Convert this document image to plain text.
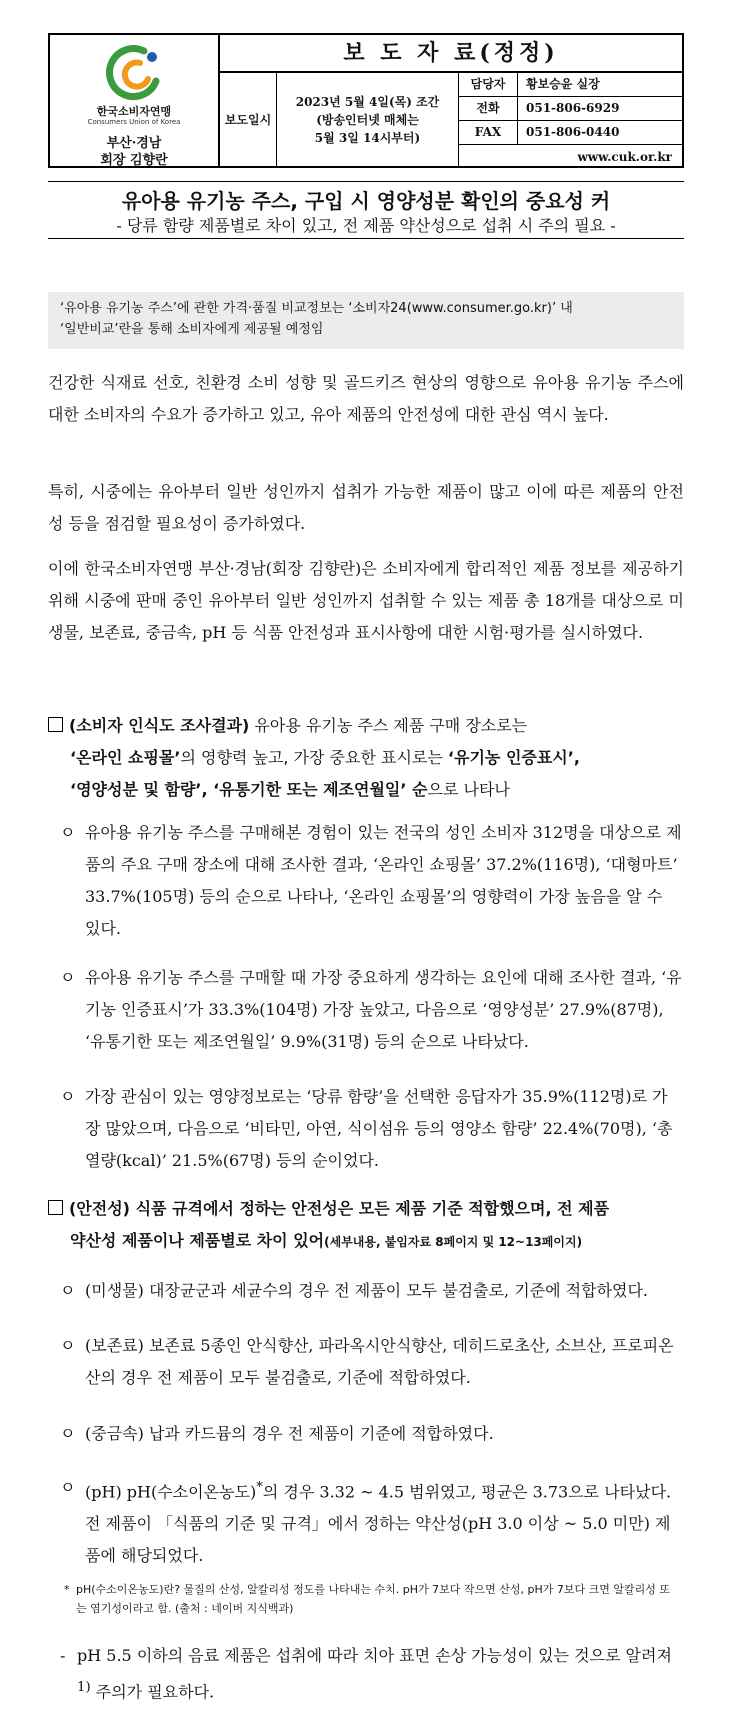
한국소비자연맹
Consumers Union of Korea
부산·경남
회장 김향란
보 도 자 료(정정)
보도일시
2023년 5월 4일(목) 조간
(방송인터넷 매체는
5월 3일 14시부터)
담당자	황보승윤 실장
전화	051-806-6929
FAX	051-806-0440
www.cuk.or.kr
유아용 유기농 주스, 구입 시 영양성분 확인의 중요성 커
- 당류 함량 제품별로 차이 있고, 전 제품 약산성으로 섭취 시 주의 필요 -
‘유아용 유기농 주스’에 관한 가격·품질 비교정보는 ‘소비자24(www.consumer.go.kr)’ 내
‘일반비교’란을 통해 소비자에게 제공될 예정임
건강한 식재료 선호, 친환경 소비 성향 및 골드키즈 현상의 영향으로 유아용 유기농 주스에 대한 소비자의 수요가 증가하고 있고, 유아 제품의 안전성에 대한 관심 역시 높다.
특히, 시중에는 유아부터 일반 성인까지 섭취가 가능한 제품이 많고 이에 따른 제품의 안전성 등을 점검할 필요성이 증가하였다.
이에 한국소비자연맹 부산·경남(회장 김향란)은 소비자에게 합리적인 제품 정보를 제공하기 위해 시중에 판매 중인 유아부터 일반 성인까지 섭취할 수 있는 제품 총 18개를 대상으로 미생물, 보존료, 중금속, pH 등 식품 안전성과 표시사항에 대한 시험·평가를 실시하였다.
(소비자 인식도 조사결과) 유아용 유기농 주스 제품 구매 장소로는
‘온라인 쇼핑몰’의 영향력 높고, 가장 중요한 표시로는 ‘유기농 인증표시’,
‘영양성분 및 함량’, ‘유통기한 또는 제조연월일’ 순으로 나타나
ㅇ 유아용 유기농 주스를 구매해본 경험이 있는 전국의 성인 소비자 312명을 대상으로 제품의 주요 구매 장소에 대해 조사한 결과, ‘온라인 쇼핑몰’ 37.2%(116명), ‘대형마트’ 33.7%(105명) 등의 순으로 나타나, ‘온라인 쇼핑몰’의 영향력이 가장 높음을 알 수 있다.
ㅇ 유아용 유기농 주스를 구매할 때 가장 중요하게 생각하는 요인에 대해 조사한 결과, ‘유기농 인증표시’가 33.3%(104명) 가장 높았고, 다음으로 ‘영양성분’ 27.9%(87명), ‘유통기한 또는 제조연월일’ 9.9%(31명) 등의 순으로 나타났다.
ㅇ 가장 관심이 있는 영양정보로는 ‘당류 함량’을 선택한 응답자가 35.9%(112명)로 가장 많았으며, 다음으로 ‘비타민, 아연, 식이섬유 등의 영양소 함량’ 22.4%(70명), ‘총 열량(kcal)’ 21.5%(67명) 등의 순이었다.
(안전성) 식품 규격에서 정하는 안전성은 모든 제품 기준 적합했으며, 전 제품
약산성 제품이나 제품별로 차이 있어(세부내용, 붙임자료 8페이지 및 12~13페이지)
ㅇ (미생물) 대장균군과 세균수의 경우 전 제품이 모두 불검출로, 기준에 적합하였다.
ㅇ (보존료) 보존료 5종인 안식향산, 파라옥시안식향산, 데히드로초산, 소브산, 프로피온산의 경우 전 제품이 모두 불검출로, 기준에 적합하였다.
ㅇ (중금속) 납과 카드뮴의 경우 전 제품이 기준에 적합하였다.
ㅇ (pH) pH(수소이온농도)*의 경우 3.32 ~ 4.5 범위였고, 평균은 3.73으로 나타났다. 전 제품이 「식품의 기준 및 규격」에서 정하는 약산성(pH 3.0 이상 ~ 5.0 미만) 제품에 해당되었다.
* pH(수소이온농도)란? 물질의 산성, 알칼리성 정도를 나타내는 수치. pH가 7보다 작으면 산성, pH가 7보다 크면 알칼리성 또는 염기성이라고 함. (출처 : 네이버 지식백과)
- pH 5.5 이하의 음료 제품은 섭취에 따라 치아 표면 손상 가능성이 있는 것으로 알려져$^{1)}$ 주의가 필요하다.
